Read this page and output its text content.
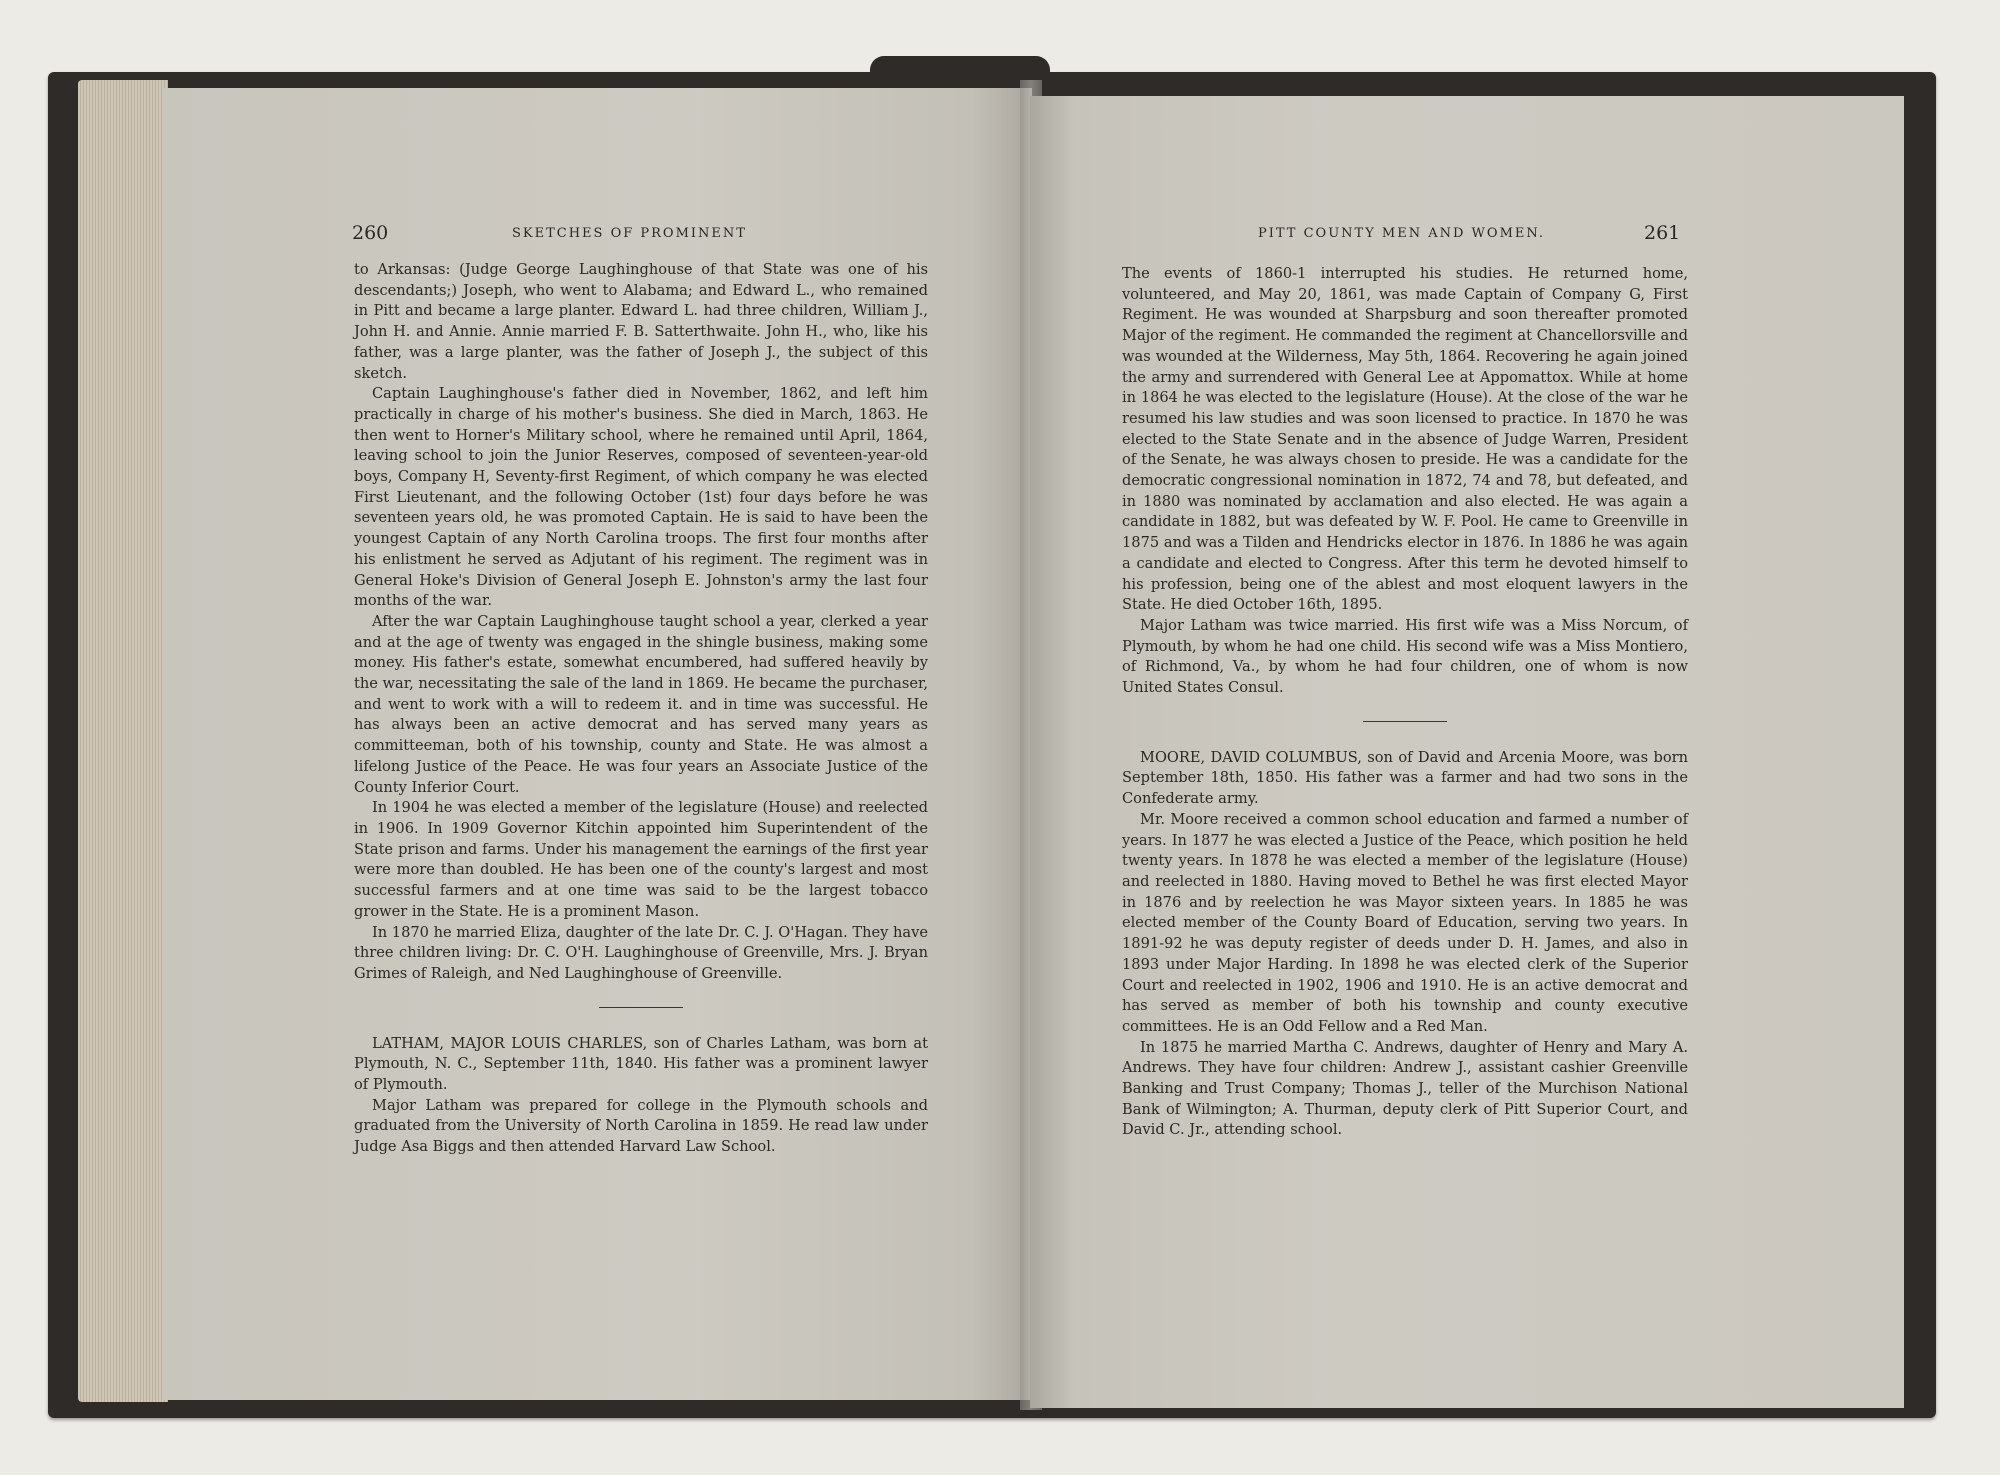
260	SKETCHES OF PROMINENT

to Arkansas: (Judge George Laughinghouse of that State was one of his descendants;) Joseph, who went to Alabama; and Edward L., who remained in Pitt and became a large planter. Edward L. had three children, William J., John H. and Annie. Annie married F. B. Satterthwaite. John H., who, like his father, was a large planter, was the father of Joseph J., the subject of this sketch.

Captain Laughinghouse's father died in November, 1862, and left him practically in charge of his mother's business. She died in March, 1863. He then went to Horner's Military school, where he remained until April, 1864, leaving school to join the Junior Reserves, composed of seventeen-year-old boys, Company H, Seventy-first Regiment, of which company he was elected First Lieutenant, and the following October (1st) four days before he was seventeen years old, he was promoted Captain. He is said to have been the youngest Captain of any North Carolina troops. The first four months after his enlistment he served as Adjutant of his regiment. The regiment was in General Hoke's Division of General Joseph E. Johnston's army the last four months of the war.

After the war Captain Laughinghouse taught school a year, clerked a year and at the age of twenty was engaged in the shingle business, making some money. His father's estate, somewhat encumbered, had suffered heavily by the war, necessitating the sale of the land in 1869. He became the purchaser, and went to work with a will to redeem it. and in time was successful. He has always been an active democrat and has served many years as committeeman, both of his township, county and State. He was almost a lifelong Justice of the Peace. He was four years an Associate Justice of the County Inferior Court.

In 1904 he was elected a member of the legislature (House) and reelected in 1906. In 1909 Governor Kitchin appointed him Superintendent of the State prison and farms. Under his management the earnings of the first year were more than doubled. He has been one of the county's largest and most successful farmers and at one time was said to be the largest tobacco grower in the State. He is a prominent Mason.

In 1870 he married Eliza, daughter of the late Dr. C. J. O'Hagan. They have three children living: Dr. C. O'H. Laughinghouse of Greenville, Mrs. J. Bryan Grimes of Raleigh, and Ned Laughinghouse of Greenville.

LATHAM, MAJOR LOUIS CHARLES, son of Charles Latham, was born at Plymouth, N. C., September 11th, 1840. His father was a prominent lawyer of Plymouth.

Major Latham was prepared for college in the Plymouth schools and graduated from the University of North Carolina in 1859. He read law under Judge Asa Biggs and then attended Harvard Law School.

PITT COUNTY MEN AND WOMEN.	261

The events of 1860-1 interrupted his studies. He returned home, volunteered, and May 20, 1861, was made Captain of Company G, First Regiment. He was wounded at Sharpsburg and soon thereafter promoted Major of the regiment. He commanded the regiment at Chancellorsville and was wounded at the Wilderness, May 5th, 1864. Recovering he again joined the army and surrendered with General Lee at Appomattox. While at home in 1864 he was elected to the legislature (House). At the close of the war he resumed his law studies and was soon licensed to practice. In 1870 he was elected to the State Senate and in the absence of Judge Warren, President of the Senate, he was always chosen to preside. He was a candidate for the democratic congressional nomination in 1872, 74 and 78, but defeated, and in 1880 was nominated by acclamation and also elected. He was again a candidate in 1882, but was defeated by W. F. Pool. He came to Greenville in 1875 and was a Tilden and Hendricks elector in 1876. In 1886 he was again a candidate and elected to Congress. After this term he devoted himself to his profession, being one of the ablest and most eloquent lawyers in the State. He died October 16th, 1895.

Major Latham was twice married. His first wife was a Miss Norcum, of Plymouth, by whom he had one child. His second wife was a Miss Montiero, of Richmond, Va., by whom he had four children, one of whom is now United States Consul.

MOORE, DAVID COLUMBUS, son of David and Arcenia Moore, was born September 18th, 1850. His father was a farmer and had two sons in the Confederate army.

Mr. Moore received a common school education and farmed a number of years. In 1877 he was elected a Justice of the Peace, which position he held twenty years. In 1878 he was elected a member of the legislature (House) and reelected in 1880. Having moved to Bethel he was first elected Mayor in 1876 and by reelection he was Mayor sixteen years. In 1885 he was elected member of the County Board of Education, serving two years. In 1891-92 he was deputy register of deeds under D. H. James, and also in 1893 under Major Harding. In 1898 he was elected clerk of the Superior Court and reelected in 1902, 1906 and 1910. He is an active democrat and has served as member of both his township and county executive committees. He is an Odd Fellow and a Red Man.

In 1875 he married Martha C. Andrews, daughter of Henry and Mary A. Andrews. They have four children: Andrew J., assistant cashier Greenville Banking and Trust Company; Thomas J., teller of the Murchison National Bank of Wilmington; A. Thurman, deputy clerk of Pitt Superior Court, and David C. Jr., attending school.
